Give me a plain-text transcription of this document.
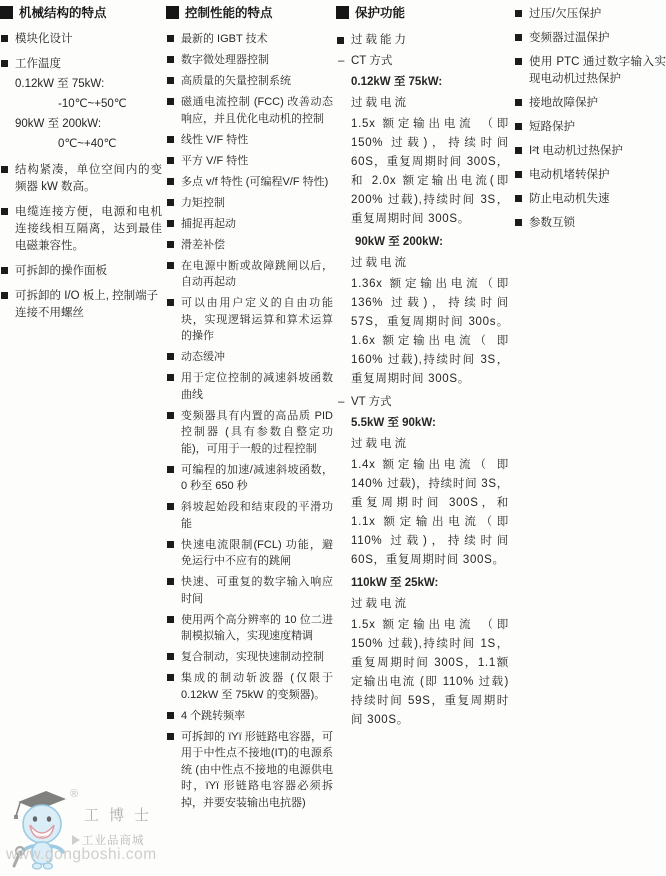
机械结构的特点
模块化设计
工作温度
0.12kW 至 75kW:
-10℃~+50℃
90kW 至 200kW:
0℃~+40℃
结构紧凑，单位空间内的变频器 kW 数高。
电缆连接方便，电源和电机连接线相互隔离，达到最佳电磁兼容性。
可拆卸的操作面板
可拆卸的 I/O 板上, 控制端子连接不用螺丝
控制性能的特点
最新的 IGBT 技术
数字微处理器控制
高质量的矢量控制系统
磁通电流控制 (FCC) 改善动态响应，并且优化电动机的控制
线性 V/F 特性
平方 V/F 特性
多点 v/f 特性 (可编程V/F 特性)
力矩控制
捕捉再起动
滑差补偿
在电源中断或故障跳闸以后，自动再起动
可以由用户定义的自由功能块，实现逻辑运算和算术运算的操作
动态缓冲
用于定位控制的减速斜坡函数曲线
变频器具有内置的高品质 PID 控制器 (具有参数自整定功能)，可用于一般的过程控制
可编程的加速/减速斜坡函数，0 秒至 650 秒
斜坡起始段和结束段的平滑功能
快速电流限制(FCL) 功能，避免运行中不应有的跳闸
快速、可重复的数字输入响应时间
使用两个高分辨率的 10 位二进制模拟输入，实现速度精调
复合制动，实现快速制动控制
集成的制动斩波器 (仅限于 0.12kW 至 75kW 的变频器)。
4 个跳转频率
可拆卸的 ïYï 形链路电容器，可用于中性点不接地(IT)的电源系统 (由中性点不接地的电源供电时，ïYï 形链路电容器必须拆掉，并要安装输出电抗器)
保护功能
过载能力
– CT 方式
0.12kW 至 75kW:
过载电流
1.5x 额定输出电流 （即 150% 过载)，持续时间 60S，重复周期时间 300S，和 2.0x 额定输出电流(即 200% 过载),持续时间 3S，重复周期时间 300S。
90kW 至 200kW:
过载电流
1.36x 额定输出电流（即 136% 过载)，持续时间 57S，重复周期时间 300s。1.6x 额定输出电流（ 即 160% 过载),持续时间 3S，重复周期时间 300S。
– VT 方式
5.5kW 至 90kW:
过载电流
1.4x 额定输出电流（ 即 140% 过载)，持续时间 3S，重复周期时间 300S，和 1.1x 额定输出电流（即 110% 过载)，持续时间 60S，重复周期时间 300S。
110kW 至 25kW:
过载电流
1.5x 额定输出电流 （即 150% 过载),持续时间 1S，重复周期时间 300S，1.1额定输出电流 (即 110% 过载)持续时间 59S，重复周期时间 300S。
过压/欠压保护
变频器过温保护
使用 PTC 通过数字输入实现电动机过热保护
接地故障保护
短路保护
I²t 电动机过热保护
电动机堵转保护
防止电动机失速
参数互锁
®
工博士
工业品商城
www.gongboshi.com
